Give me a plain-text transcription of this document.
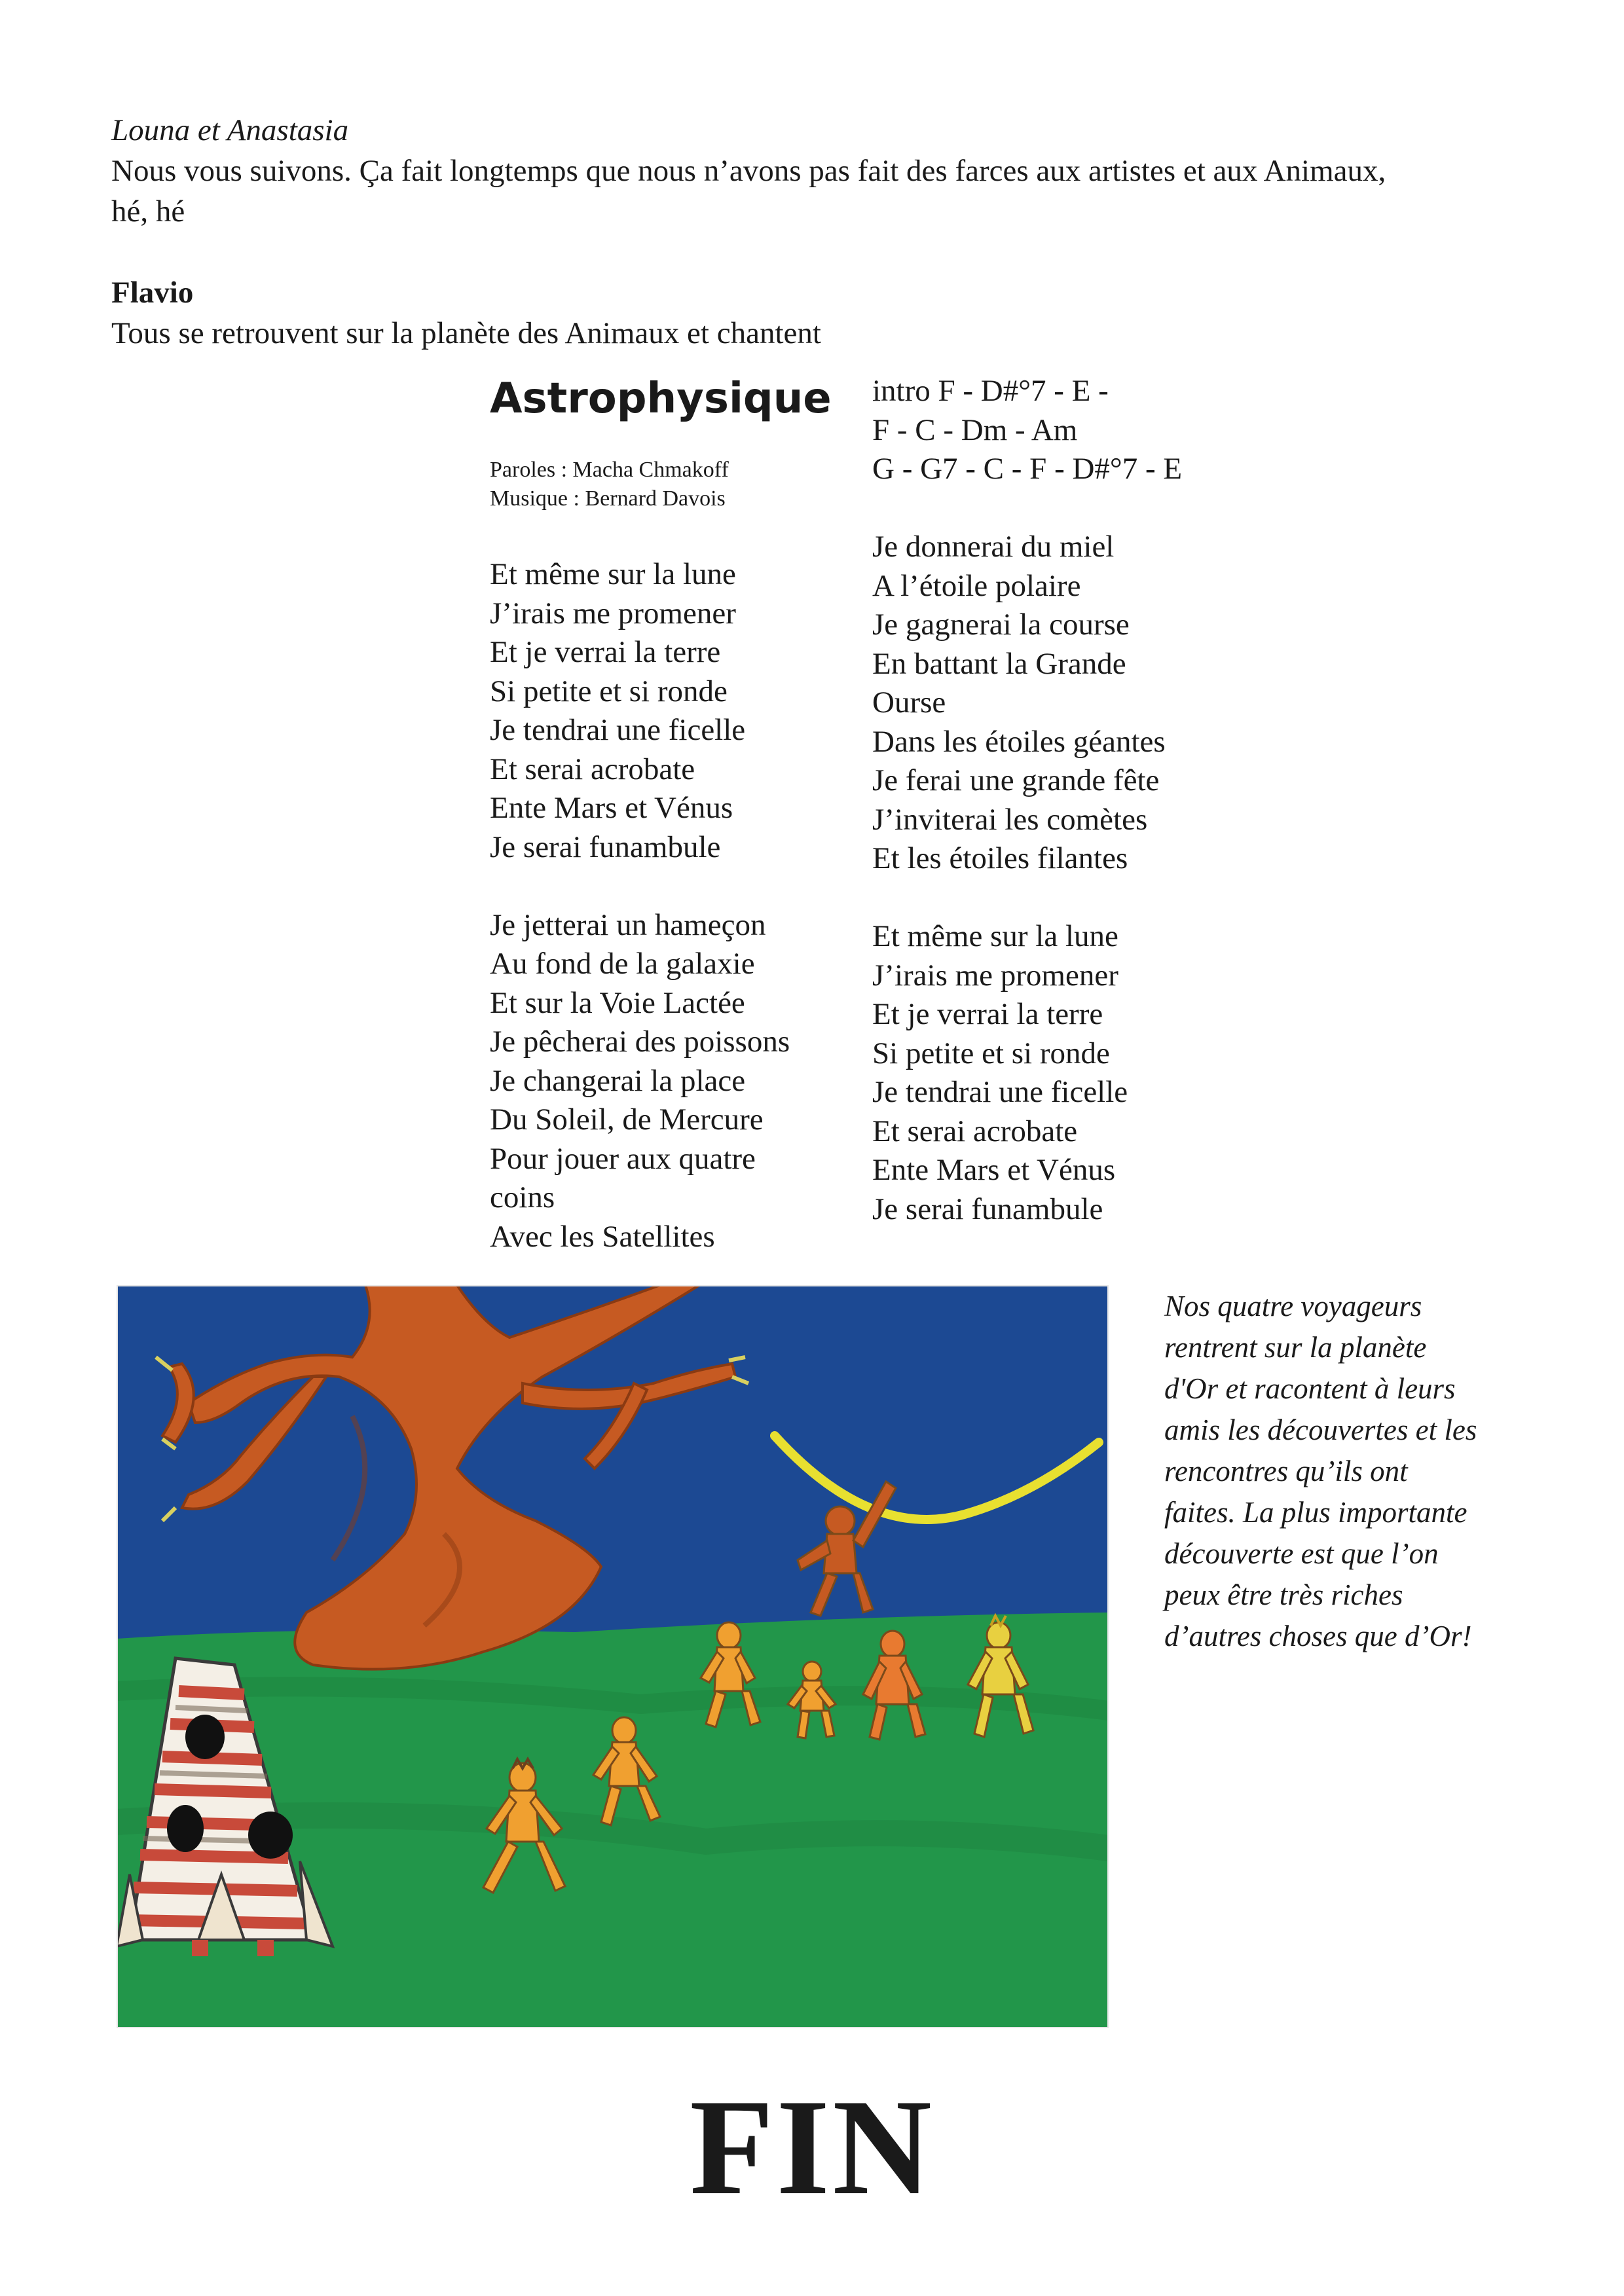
Louna et Anastasia

Nous vous suivons. Ça fait longtemps que nous n’avons pas fait des farces aux artistes et aux Animaux,

hé, hé

Flavio

Tous se retrouvent sur la planète des Animaux et chantent

Astrophysique
Paroles : Macha Chmakoff
Musique : Bernard Davois
Et même sur la lune
J’irais me promener
Et je verrai la terre
Si petite et si ronde
Je tendrai une ficelle
Et serai acrobate
Ente Mars et Vénus
Je serai funambule
Je jetterai un hameçon
Au fond de la galaxie
Et sur la Voie Lactée
Je pêcherai des poissons
Je changerai la place
Du Soleil, de Mercure
Pour jouer aux quatre
coins
Avec les Satellites
intro F - D#°7 - E -
F - C - Dm - Am
G - G7 - C - F - D#°7 - E
Je donnerai du miel
A l’étoile polaire
Je gagnerai la course
En battant la Grande
Ourse
Dans les étoiles géantes
Je ferai une grande fête
J’inviterai les comètes
Et les étoiles filantes
Et même sur la lune
J’irais me promener
Et je verrai la terre
Si petite et si ronde
Je tendrai une ficelle
Et serai acrobate
Ente Mars et Vénus
Je serai funambule
Nos quatre voyageurs
rentrent sur la planète
d'Or et racontent à leurs
amis les découvertes et les
rencontres qu’ils ont
faites. La plus importante
découverte est que l’on
peux être très riches
d’autres choses que d’Or!
FIN
